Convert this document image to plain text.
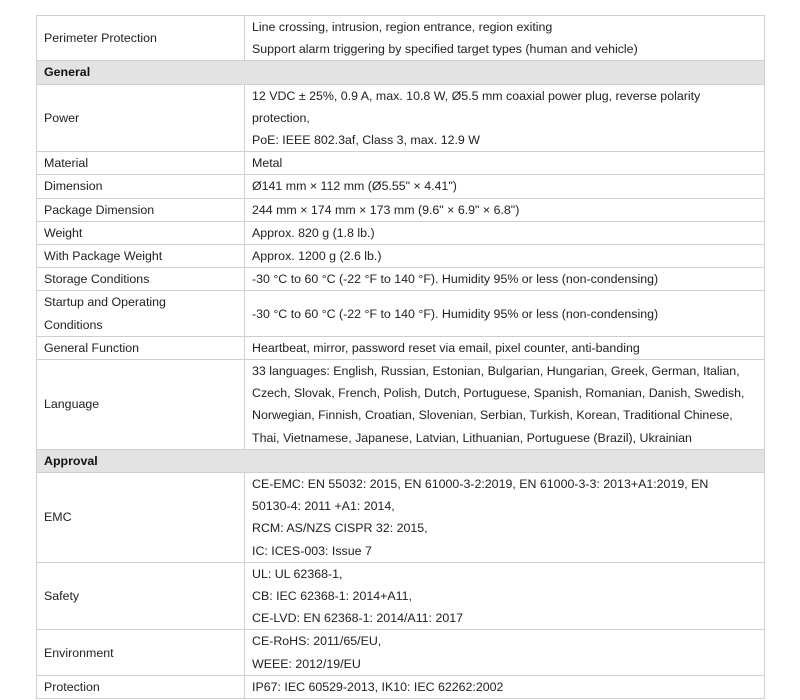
Perimeter Protection	Line crossing, intrusion, region entrance, region exiting
Support alarm triggering by specified target types (human and vehicle)

General	
Power	12 VDC ± 25%, 0.9 A, max. 10.8 W, Ø5.5 mm coaxial power plug, reverse polarity
protection,
PoE: IEEE 802.3af, Class 3, max. 12.9 W

Material	Metal

Dimension	Ø141 mm × 112 mm (Ø5.55" × 4.41")

Package Dimension	244 mm × 174 mm × 173 mm (9.6" × 6.9" × 6.8")

Weight	Approx. 820 g (1.8 lb.)

With Package Weight	Approx. 1200 g (2.6 lb.)

Storage Conditions	-30 °C to 60 °C (-22 °F to 140 °F). Humidity 95% or less (non-condensing)

Startup and Operating
Conditions	-30 °C to 60 °C (-22 °F to 140 °F). Humidity 95% or less (non-condensing)

General Function	Heartbeat, mirror, password reset via email, pixel counter, anti-banding

Language	33 languages: English, Russian, Estonian, Bulgarian, Hungarian, Greek, German, Italian,
Czech, Slovak, French, Polish, Dutch, Portuguese, Spanish, Romanian, Danish, Swedish,
Norwegian, Finnish, Croatian, Slovenian, Serbian, Turkish, Korean, Traditional Chinese,
Thai, Vietnamese, Japanese, Latvian, Lithuanian, Portuguese (Brazil), Ukrainian

Approval	
EMC	CE-EMC: EN 55032: 2015, EN 61000-3-2:2019, EN 61000-3-3: 2013+A1:2019, EN
50130-4: 2011 +A1: 2014,
RCM: AS/NZS CISPR 32: 2015,
IC: ICES-003: Issue 7

Safety	UL: UL 62368-1,
CB: IEC 62368-1: 2014+A11,
CE-LVD: EN 62368-1: 2014/A11: 2017

Environment	CE-RoHS: 2011/65/EU,
WEEE: 2012/19/EU

Protection	IP67: IEC 60529-2013, IK10: IEC 62262:2002
